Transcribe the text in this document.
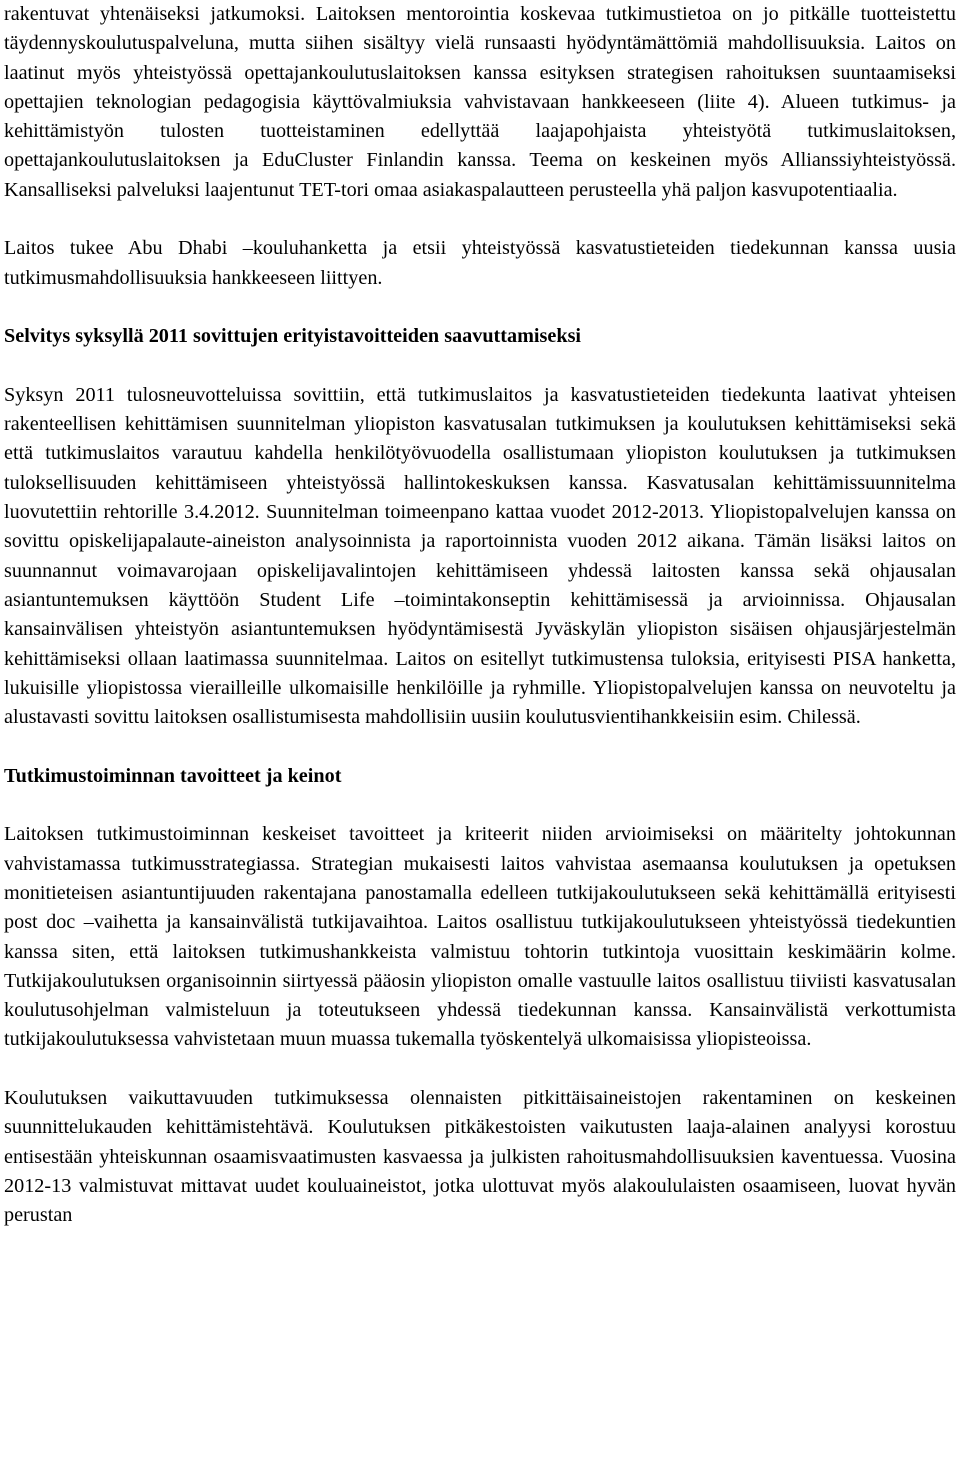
rakentuvat yhtenäiseksi jatkumoksi. Laitoksen mentorointia koskevaa tutkimustietoa on jo pitkälle tuotteistettu täydennyskoulutuspalveluna, mutta siihen sisältyy vielä runsaasti hyödyntämättömiä mahdollisuuksia. Laitos on laatinut myös yhteistyössä opettajankoulutuslaitoksen kanssa esityksen strategisen rahoituksen suuntaamiseksi opettajien teknologian pedagogisia käyttövalmiuksia vahvistavaan hankkeeseen (liite 4). Alueen tutkimus- ja kehittämistyön tulosten tuotteistaminen edellyttää laajapohjaista yhteistyötä tutkimuslaitoksen, opettajankoulutuslaitoksen ja EduCluster Finlandin kanssa. Teema on keskeinen myös Allianssiyhteistyössä. Kansalliseksi palveluksi laajentunut TET-tori omaa asiakaspalautteen perusteella yhä paljon kasvupotentiaalia.

Laitos tukee Abu Dhabi –kouluhanketta ja etsii yhteistyössä kasvatustieteiden tiedekunnan kanssa uusia tutkimusmahdollisuuksia hankkeeseen liittyen.

Selvitys syksyllä 2011 sovittujen erityistavoitteiden saavuttamiseksi

Syksyn 2011 tulosneuvotteluissa sovittiin, että tutkimuslaitos ja kasvatustieteiden tiedekunta laativat yhteisen rakenteellisen kehittämisen suunnitelman yliopiston kasvatusalan tutkimuksen ja koulutuksen kehittämiseksi sekä että tutkimuslaitos varautuu kahdella henkilötyövuodella osallistumaan yliopiston koulutuksen ja tutkimuksen tuloksellisuuden kehittämiseen yhteistyössä hallintokeskuksen kanssa. Kasvatusalan kehittämissuunnitelma luovutettiin rehtorille 3.4.2012. Suunnitelman toimeenpano kattaa vuodet 2012-2013. Yliopistopalvelujen kanssa on sovittu opiskelijapalaute-aineiston analysoinnista ja raportoinnista vuoden 2012 aikana. Tämän lisäksi laitos on suunnannut voimavarojaan opiskelijavalintojen kehittämiseen yhdessä laitosten kanssa sekä ohjausalan asiantuntemuksen käyttöön Student Life –toimintakonseptin kehittämisessä ja arvioinnissa. Ohjausalan kansainvälisen yhteistyön asiantuntemuksen hyödyntämisestä Jyväskylän yliopiston sisäisen ohjausjärjestelmän kehittämiseksi ollaan laatimassa suunnitelmaa. Laitos on esitellyt tutkimustensa tuloksia, erityisesti PISA hanketta, lukuisille yliopistossa vierailleille ulkomaisille henkilöille ja ryhmille. Yliopistopalvelujen kanssa on neuvoteltu ja alustavasti sovittu laitoksen osallistumisesta mahdollisiin uusiin koulutusvientihankkeisiin esim. Chilessä.

Tutkimustoiminnan tavoitteet ja keinot

Laitoksen tutkimustoiminnan keskeiset tavoitteet ja kriteerit niiden arvioimiseksi on määritelty johtokunnan vahvistamassa tutkimusstrategiassa. Strategian mukaisesti laitos vahvistaa asemaansa koulutuksen ja opetuksen monitieteisen asiantuntijuuden rakentajana panostamalla edelleen tutkijakoulutukseen sekä kehittämällä erityisesti post doc –vaihetta ja kansainvälistä tutkijavaihtoa. Laitos osallistuu tutkijakoulutukseen yhteistyössä tiedekuntien kanssa siten, että laitoksen tutkimushankkeista valmistuu tohtorin tutkintoja vuosittain keskimäärin kolme. Tutkijakoulutuksen organisoinnin siirtyessä pääosin yliopiston omalle vastuulle laitos osallistuu tiiviisti kasvatusalan koulutusohjelman valmisteluun ja toteutukseen yhdessä tiedekunnan kanssa. Kansainvälistä verkottumista tutkijakoulutuksessa vahvistetaan muun muassa tukemalla työskentelyä ulkomaisissa yliopisteoissa.

Koulutuksen vaikuttavuuden tutkimuksessa olennaisten pitkittäisaineistojen rakentaminen on keskeinen suunnittelukauden kehittämistehtävä. Koulutuksen pitkäkestoisten vaikutusten laaja-alainen analyysi korostuu entisestään yhteiskunnan osaamisvaatimusten kasvaessa ja julkisten rahoitusmahdollisuuksien kaventuessa. Vuosina 2012-13 valmistuvat mittavat uudet kouluaineistot, jotka ulottuvat myös alakoululaisten osaamiseen, luovat hyvän perustan
